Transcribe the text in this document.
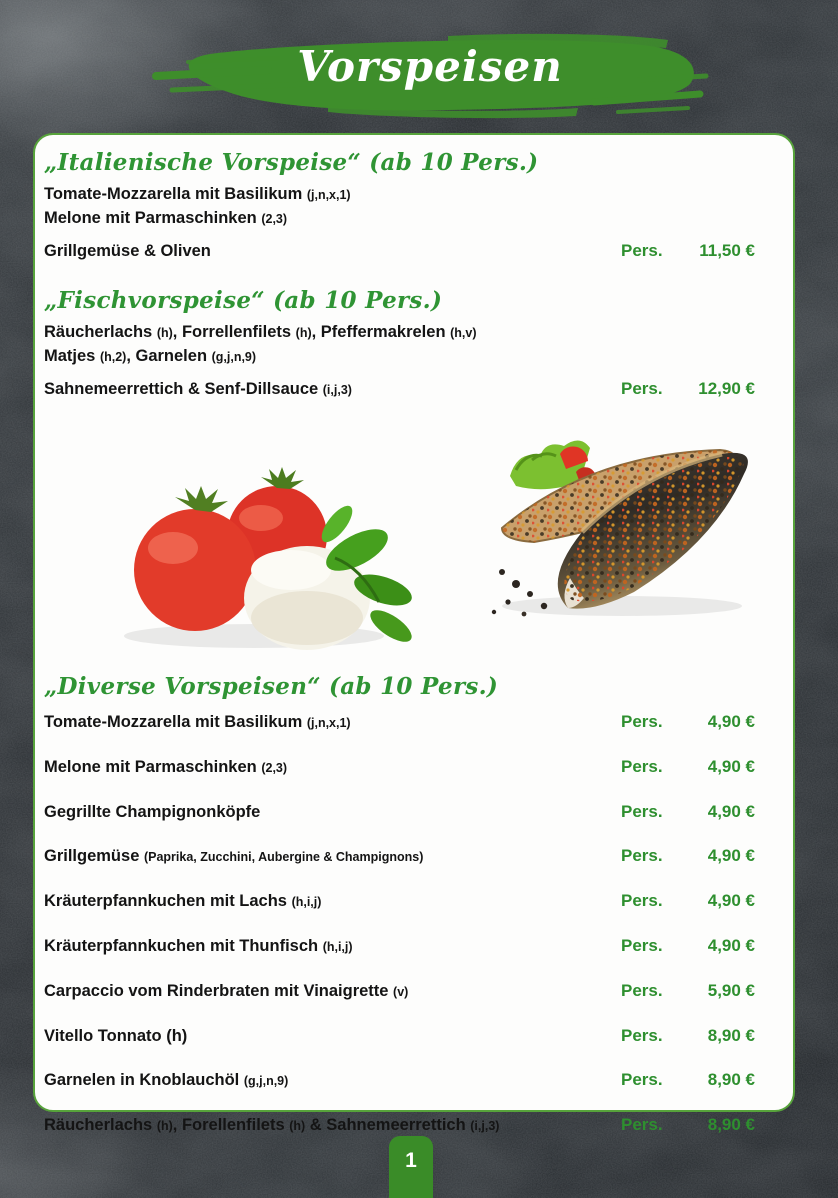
Vorspeisen
„Italienische Vorspeise“ (ab 10 Pers.)
Tomate-Mozzarella mit Basilikum (j,n,x,1)
Melone mit Parmaschinken (2,3)
Grillgemüse & Oliven	Pers.	11,50 €
„Fischvorspeise“ (ab 10 Pers.)
Räucherlachs (h), Forrellenfilets (h), Pfeffermakrelen (h,v)
Matjes (h,2), Garnelen (g,j,n,9)
Sahnemeerrettich & Senf-Dillsauce (i,j,3)	Pers.	12,90 €
„Diverse Vorspeisen“ (ab 10 Pers.)
Tomate-Mozzarella mit Basilikum (j,n,x,1)	Pers.	4,90 €
Melone mit Parmaschinken (2,3)	Pers.	4,90 €
Gegrillte Champignonköpfe	Pers.	4,90 €
Grillgemüse (Paprika, Zucchini, Aubergine & Champignons)	Pers.	4,90 €
Kräuterpfannkuchen mit Lachs (h,i,j)	Pers.	4,90 €
Kräuterpfannkuchen mit Thunfisch (h,i,j)	Pers.	4,90 €
Carpaccio vom Rinderbraten mit Vinaigrette (v)	Pers.	5,90 €
Vitello Tonnato (h)	Pers.	8,90 €
Garnelen in Knoblauchöl (g,j,n,9)	Pers.	8,90 €
Räucherlachs (h), Forellenfilets (h) & Sahnemeerrettich (i,j,3)	Pers.	8,90 €
1
